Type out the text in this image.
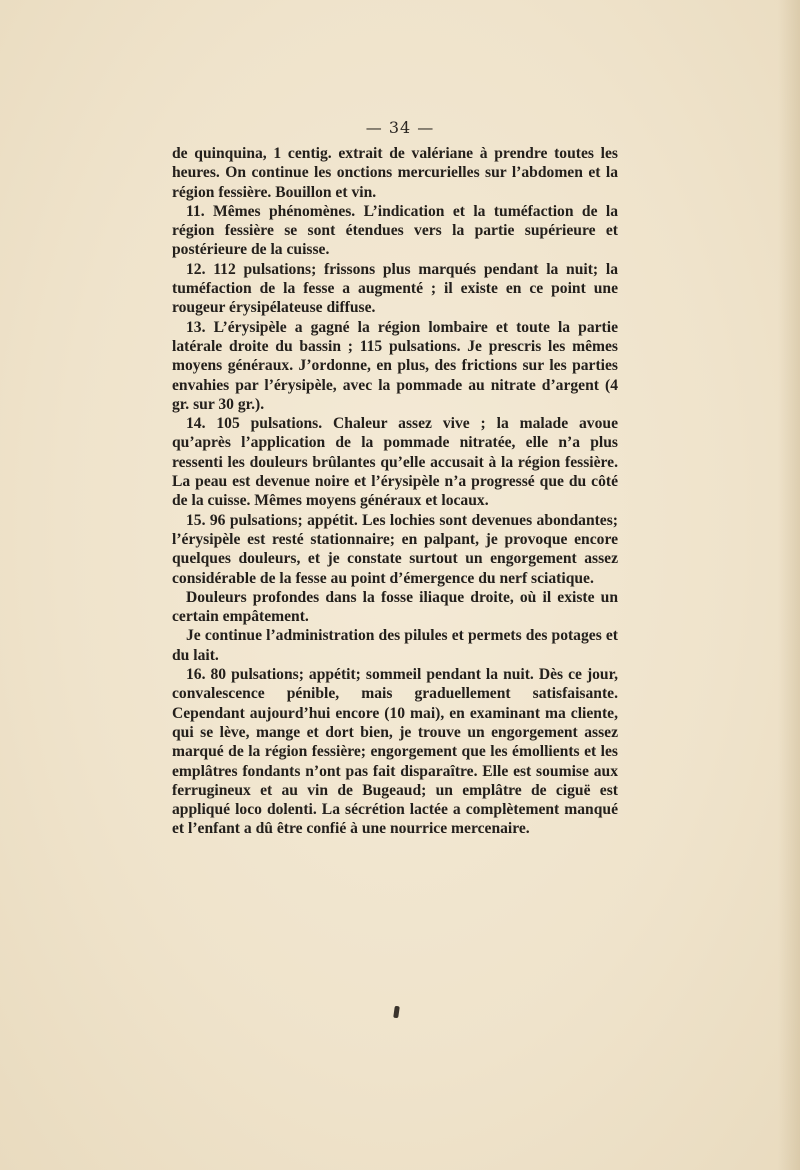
— 34 —

de quinquina, 1 centig. extrait de valériane à prendre toutes les heures. On continue les onctions mercurielles sur l’abdomen et la région fessière. Bouillon et vin.

11. Mêmes phénomènes. L’indication et la tuméfaction de la région fessière se sont étendues vers la partie supérieure et postérieure de la cuisse.

12. 112 pulsations; frissons plus marqués pendant la nuit; la tuméfaction de la fesse a augmenté ; il existe en ce point une rougeur érysipélateuse diffuse.

13. L’érysipèle a gagné la région lombaire et toute la partie latérale droite du bassin ; 115 pulsations. Je prescris les mêmes moyens généraux. J’ordonne, en plus, des frictions sur les parties envahies par l’érysipèle, avec la pommade au nitrate d’argent (4 gr. sur 30 gr.).

14. 105 pulsations. Chaleur assez vive ; la malade avoue qu’après l’application de la pommade nitratée, elle n’a plus ressenti les douleurs brûlantes qu’elle accusait à la région fessière. La peau est devenue noire et l’érysipèle n’a progressé que du côté de la cuisse. Mêmes moyens généraux et locaux.

15. 96 pulsations; appétit. Les lochies sont devenues abondantes; l’érysipèle est resté stationnaire; en palpant, je provoque encore quelques douleurs, et je constate surtout un engorgement assez considérable de la fesse au point d’émergence du nerf sciatique.

Douleurs profondes dans la fosse iliaque droite, où il existe un certain empâtement.

Je continue l’administration des pilules et permets des potages et du lait.

16. 80 pulsations; appétit; sommeil pendant la nuit. Dès ce jour, convalescence pénible, mais graduellement satisfaisante. Cependant aujourd’hui encore (10 mai), en examinant ma cliente, qui se lève, mange et dort bien, je trouve un engorgement assez marqué de la région fessière; engorgement que les émollients et les emplâtres fondants n’ont pas fait disparaître. Elle est soumise aux ferrugineux et au vin de Bugeaud; un emplâtre de ciguë est appliqué loco dolenti. La sécrétion lactée a complètement manqué et l’enfant a dû être confié à une nourrice mercenaire.
